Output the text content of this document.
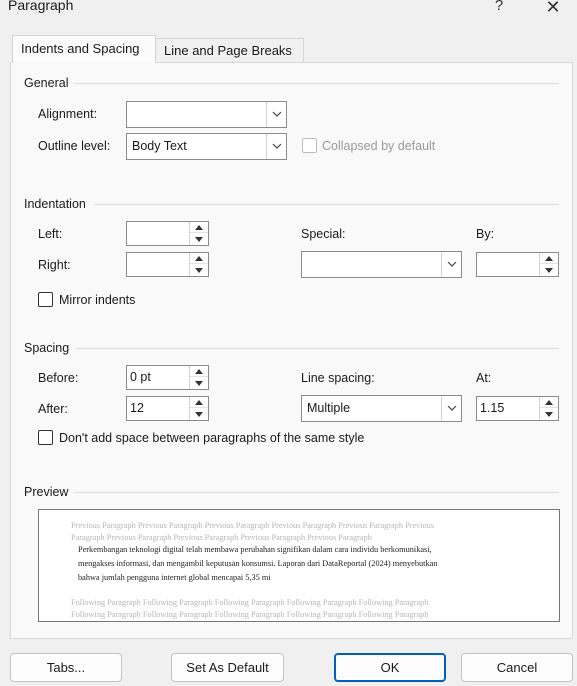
Paragraph	?	✕
Indents and Spacing	Line and Page Breaks
General
Alignment:
Outline level: Body Text	Collapsed by default
Indentation
Left:
Right:
Special:	By:
Mirror indents
Spacing
Before:	0 pt
After:	12
Line spacing:
Multiple
At:
1.15
Don't add space between paragraphs of the same style
Preview
Previous Paragraph Previous Paragraph Previous Paragraph Previous Paragraph Previous Paragraph Previous
Paragraph Previous Paragraph Previous Paragraph Previous Paragraph Previous Paragraph
Perkembangan teknologi digital telah membawa perubahan signifikan dalam cara individu berkomunikasi,
mengakses informasi, dan mengambil keputusan konsumsi. Laporan dari DataReportal (2024) menyebutkan
bahwa jumlah pengguna internet global mencapai 5,35 mi
Following Paragraph Following Paragraph Following Paragraph Following Paragraph Following Paragraph
Following Paragraph Following Paragraph Following Paragraph Following Paragraph Following Paragraph
Tabs...	Set As Default	OK	Cancel
